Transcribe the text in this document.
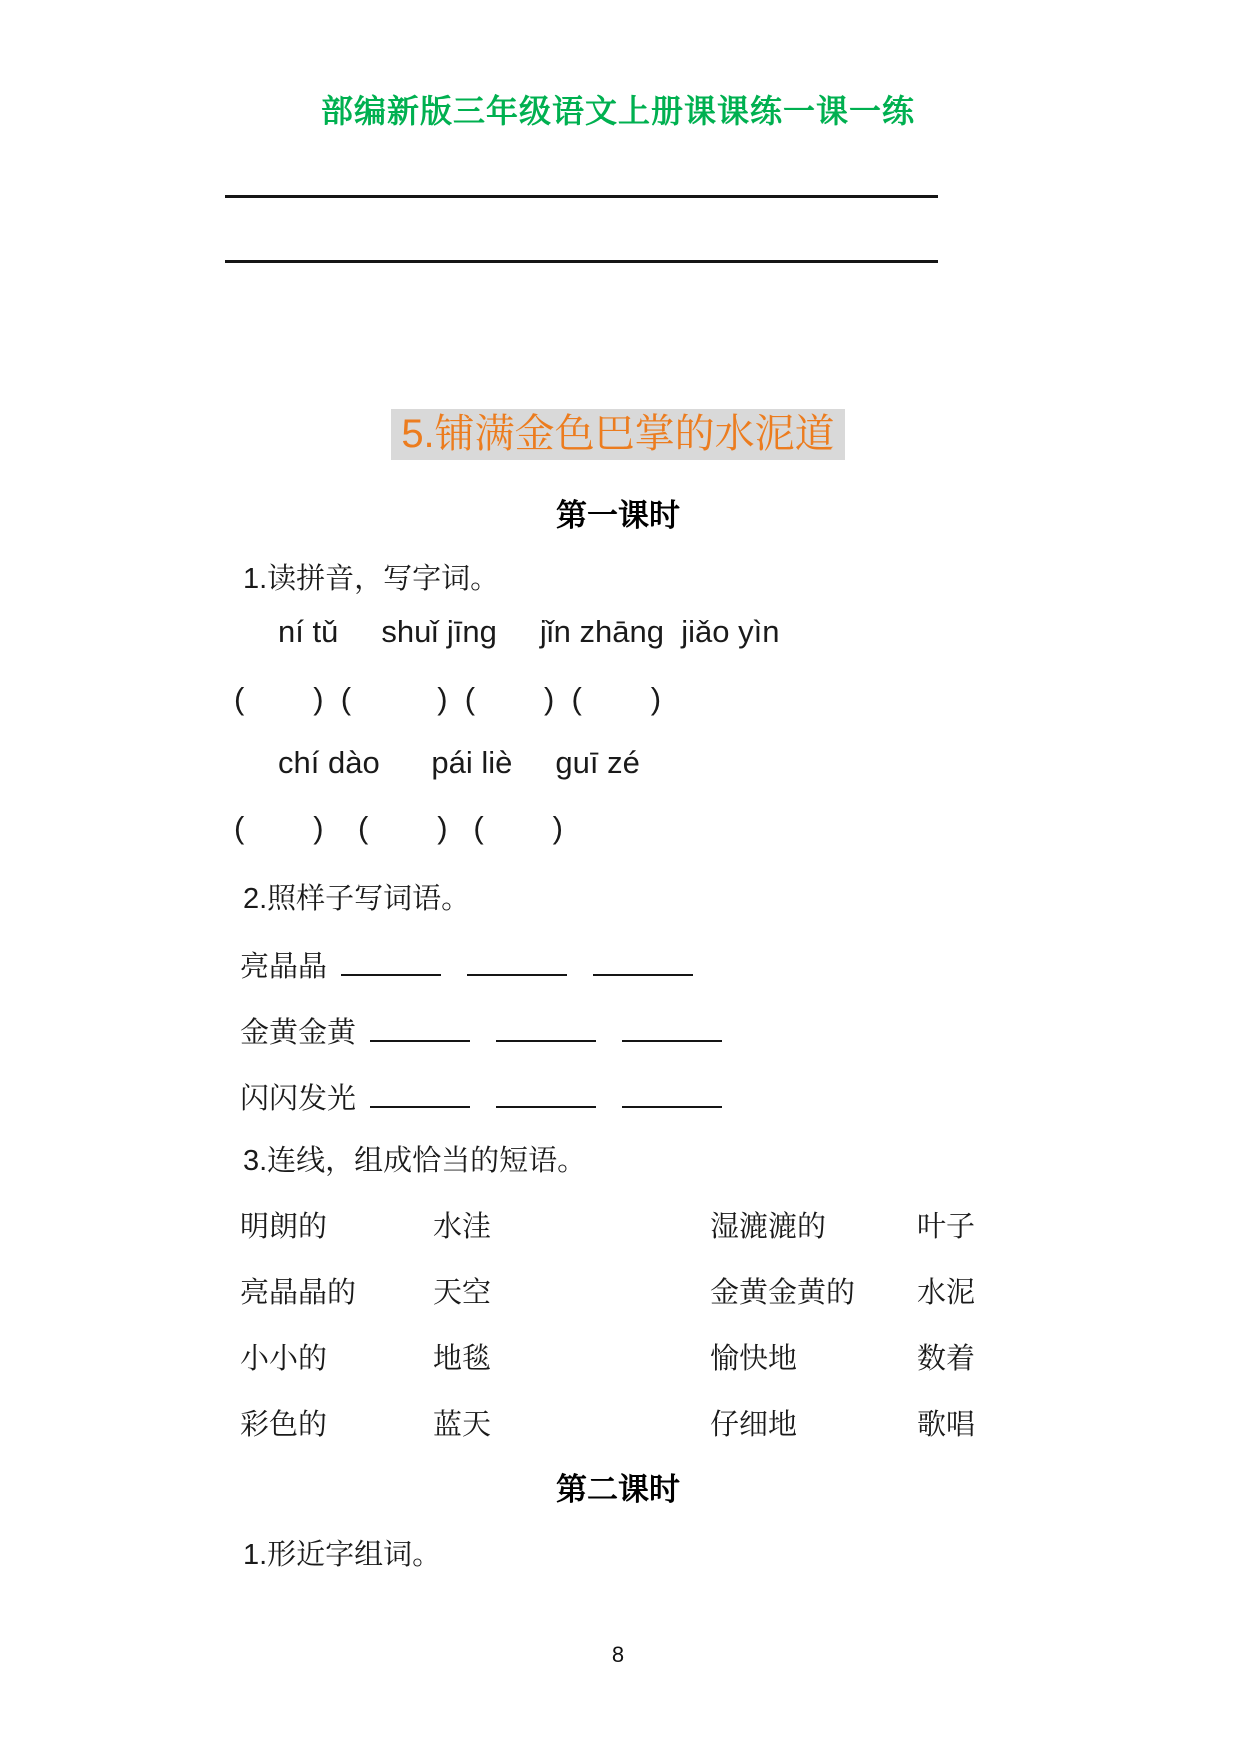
部编新版三年级语文上册课课练一课一练
5.铺满金色巴掌的水泥道
第一课时
1.读拼音，写字词。
ní tǔ     shuǐ jīng     jǐn zhāng  jiǎo yìn
(        )  (          )  (        )  (        )
chí dào      pái liè     guī zé
(        )    (        )   (        )
2.照样子写词语。
亮晶晶
金黄金黄
闪闪发光
3.连线，组成恰当的短语。
明朗的	水洼	湿漉漉的	叶子
亮晶晶的	天空	金黄金黄的 水泥
小小的	地毯	愉快地	数着
彩色的	蓝天	仔细地	歌唱
第二课时
1.形近字组词。
8
